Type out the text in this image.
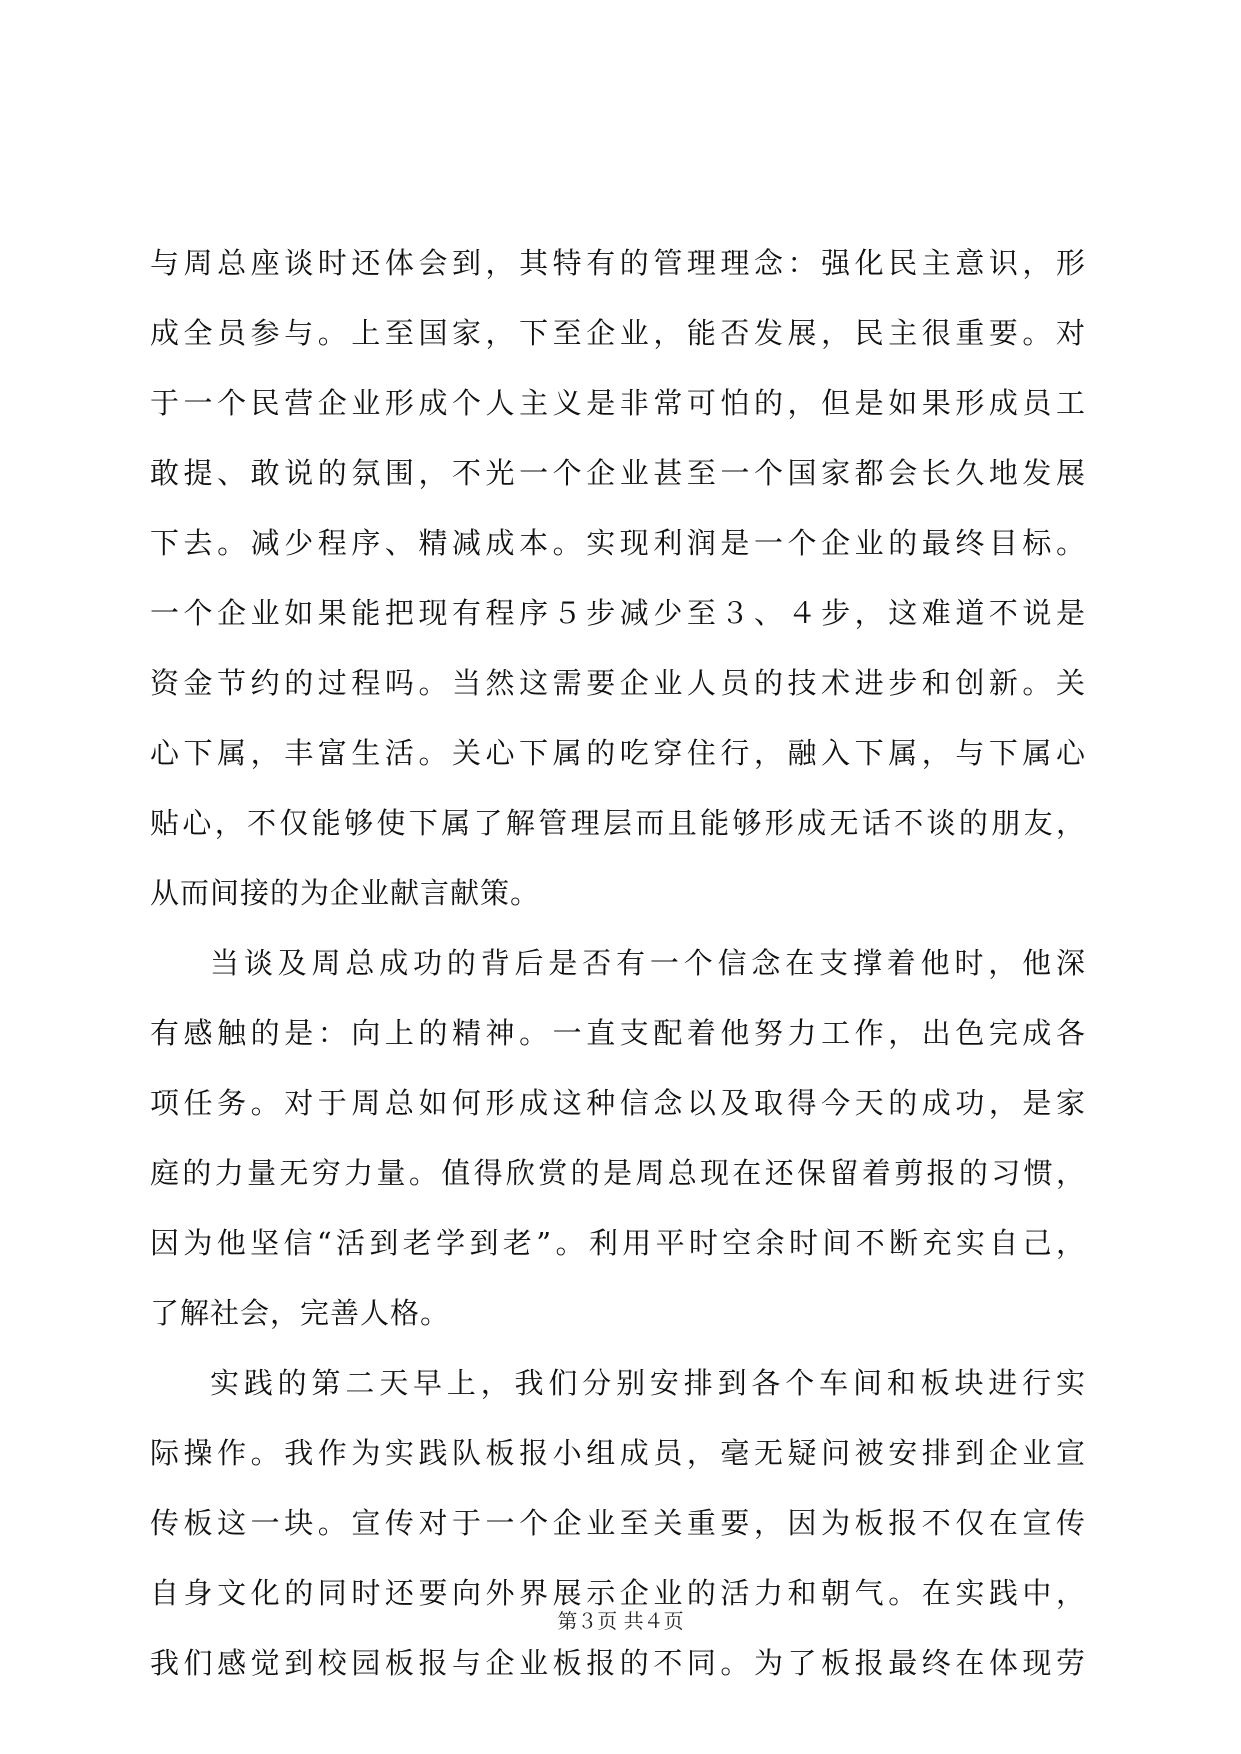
与周总座谈时还体会到，其特有的管理理念：强化民主意识，形
成全员参与。上至国家，下至企业，能否发展，民主很重要。对
于一个民营企业形成个人主义是非常可怕的，但是如果形成员工
敢提、敢说的氛围，不光一个企业甚至一个国家都会长久地发展
下去。减少程序、精减成本。实现利润是一个企业的最终目标。
一个企业如果能把现有程序５步减少至３、４步，这难道不说是
资金节约的过程吗。当然这需要企业人员的技术进步和创新。关
心下属，丰富生活。关心下属的吃穿住行，融入下属，与下属心
贴心，不仅能够使下属了解管理层而且能够形成无话不谈的朋友，
从而间接的为企业献言献策。
当谈及周总成功的背后是否有一个信念在支撑着他时，他深
有感触的是：向上的精神。一直支配着他努力工作，出色完成各
项任务。对于周总如何形成这种信念以及取得今天的成功，是家
庭的力量无穷力量。值得欣赏的是周总现在还保留着剪报的习惯，
因为他坚信“活到老学到老”。利用平时空余时间不断充实自己，
了解社会，完善人格。
实践的第二天早上，我们分别安排到各个车间和板块进行实
际操作。我作为实践队板报小组成员，毫无疑问被安排到企业宣
传板这一块。宣传对于一个企业至关重要，因为板报不仅在宣传
自身文化的同时还要向外界展示企业的活力和朝气。在实践中，
我们感觉到校园板报与企业板报的不同。为了板报最终在体现劳
第３页 共４页
